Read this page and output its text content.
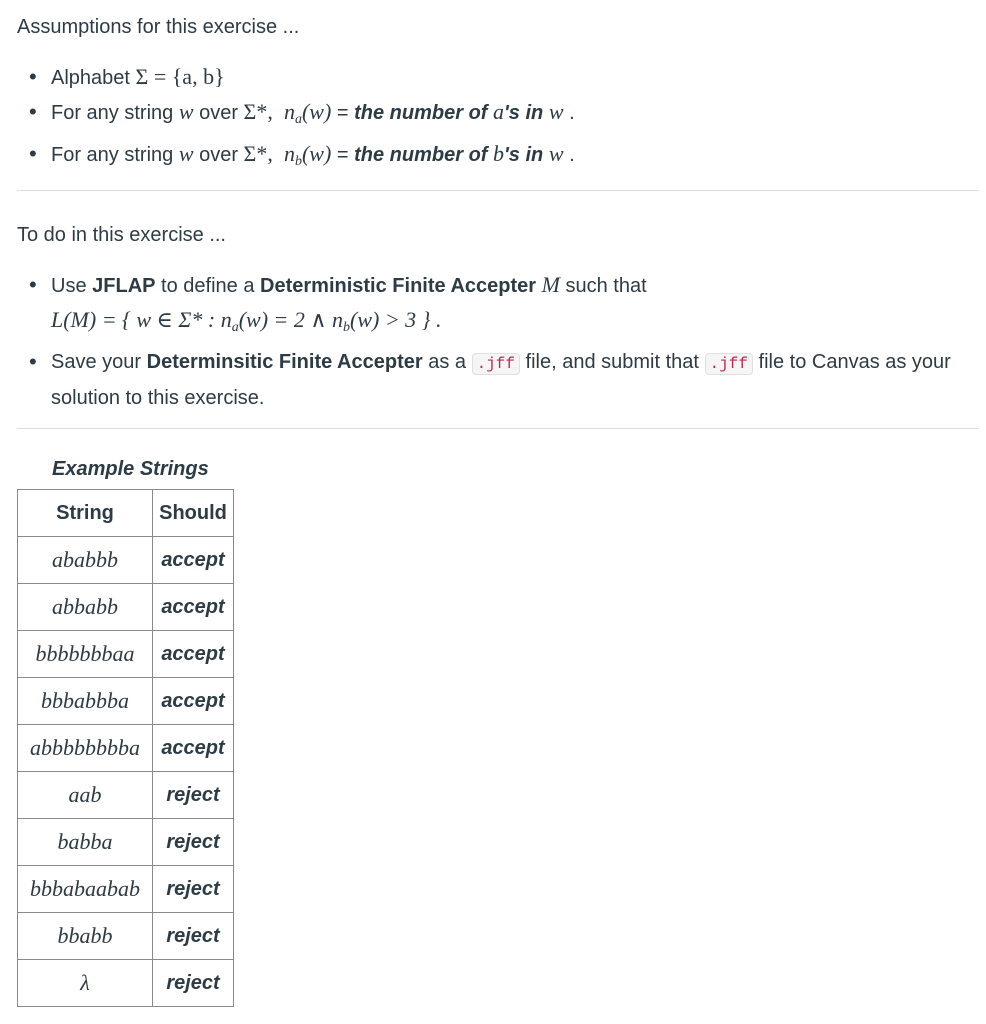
Assumptions for this exercise ...
• Alphabet Σ = {a, b}
• For any string w over Σ*, $n_a(w)$ = the number of a's in w .
• For any string w over Σ*, $n_b(w)$ = the number of b's in w .
To do in this exercise ...
• Use JFLAP to define a Deterministic Finite Accepter M such that
L(M) = { w ∈ Σ* : $n_a(w) = 2$ ∧ $n_b(w) > 3$ } .
• Save your Determinsitic Finite Accepter as a .jff file, and submit that .jff file to Canvas as your solution to this exercise.
Example Strings
String	Should
ababbb	accept
abbabb	accept
bbbbbbbaa	accept
bbbabbba	accept
abbbbbbbba	accept
aab	reject
babba	reject
bbbabaabab	reject
bbabb	reject
λ	reject
